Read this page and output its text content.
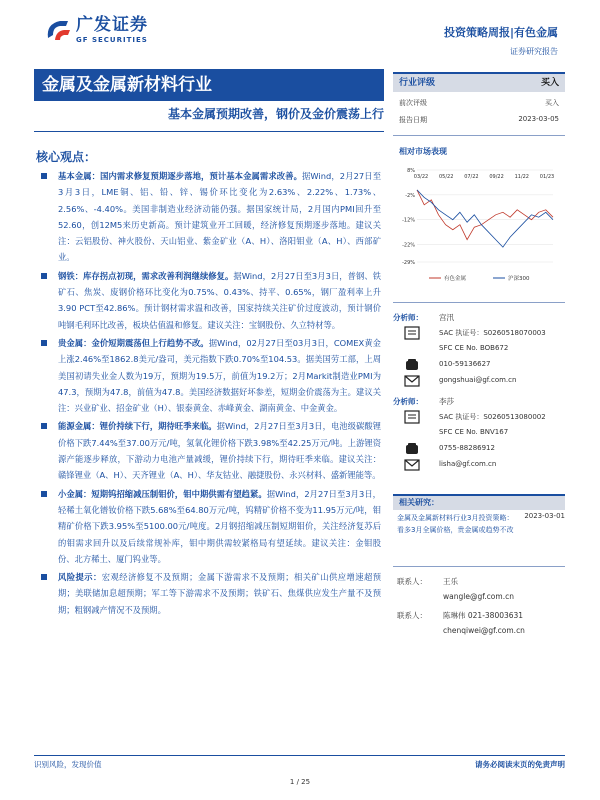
广发证券
GF SECURITIES
投资策略周报|有色金属
证券研究报告
金属及金属新材料行业
基本金属预期改善，钢价及金价震荡上行
行业评级	买入
前次评级	买入
报告日期	2023-03-05
核心观点：
基本金属：国内需求修复预期逐步落地，预计基本金属需求改善。据Wind，2月27日至3月3日，LME铜、铝、铅、锌、锡价环比变化为2.63%、2.22%、1.73%、2.56%、-4.40%。美国非制造业经济动能仍强。据国家统计局，2月国内PMI回升至52.60，创12M5来历史新高。预计建筑业开工回暖，经济修复预期逐步落地。建议关注：云铝股份、神火股份、天山铝业、紫金矿业（A、H）、洛阳钼业（A、H）、西部矿业。
钢铁：库存拐点初现，需求改善利润继续修复。据Wind，2月27日至3月3日，普钢、铁矿石、焦炭、废钢价格环比变化为0.75%、0.43%、持平、0.65%，钢厂盈利率上升3.90 PCT至42.86%。预计钢材需求温和改善，国家持续关注矿价过度波动，预计钢价吨钢毛利环比改善，板块估值温和修复。建议关注：宝钢股份、久立特材等。
贵金属：金价短期震荡但上行趋势不改。据Wind，02月27日至03月3日，COMEX黄金上涨2.46%至1862.8美元/盎司，美元指数下跌0.70%至104.53。据美国劳工部，上周美国初请失业金人数为19万，预期为19.5万，前值为19.2万；2月Markit制造业PMI为47.3，预期为47.8，前值为47.8。美国经济数据好坏参差，短期金价震荡为主。建议关注：兴业矿业、招金矿业（H）、银泰黄金、赤峰黄金、湖南黄金、中金黄金。
能源金属：锂价持续下行，期待旺季来临。据Wind，2月27日至3月3日，电池级碳酸锂价格下跌7.44%至37.00万元/吨，氢氧化锂价格下跌3.98%至42.25万元/吨。上游锂资源产能逐步释放，下游动力电池产量减缓，锂价持续下行，期待旺季来临。建议关注：赣锋锂业（A、H）、天齐锂业（A、H）、华友钴业、融捷股份、永兴材料、盛新锂能等。
小金属：短期钨招缩减压制钼价，钼中期供需有望趋紧。据Wind，2月27日至3月3日，轻稀土氧化镨钕价格下跌5.68%至64.80万元/吨，钨精矿价格不变为11.95万元/吨，钼精矿价格下跌3.95%至5100.00元/吨度。2月钢招缩减压制短期钼价，关注经济复苏后的钼需求回升以及后续常规补库，钼中期供需较紧格局有望延续。建议关注：金钼股份、北方稀土、厦门钨业等。
风险提示：宏观经济修复不及预期；金属下游需求不及预期；相关矿山供应增速超预期；美联储加息超预期；军工等下游需求不及预期；铁矿石、焦煤供应发生产量不及预期；粗钢减产情况不及预期。
相对市场表现
8%
-2%
-12%
-22%
-29%
03/22 05/22 07/22 09/22 11/22 01/23
有色金属	沪深300
分析师： 宫汛
SAC 执证号：S0260518070003
SFC CE No. BOB672
010-59136627
gongshuai@gf.com.cn
分析师： 李莎
SAC 执证号：S0260513080002
SFC CE No. BNV167
0755-88286912
lisha@gf.com.cn
相关研究：
金属及金属新材料行业3月投资策略：看多3月全属价格，贵金属或趋势不改
2023-03-01
联系人： 王乐
wangle@gf.com.cn
联系人： 陈琳伟 021-38003631
chenqiwei@gf.com.cn
识别风险，发现价值	请务必阅读末页的免责声明
1 / 25
